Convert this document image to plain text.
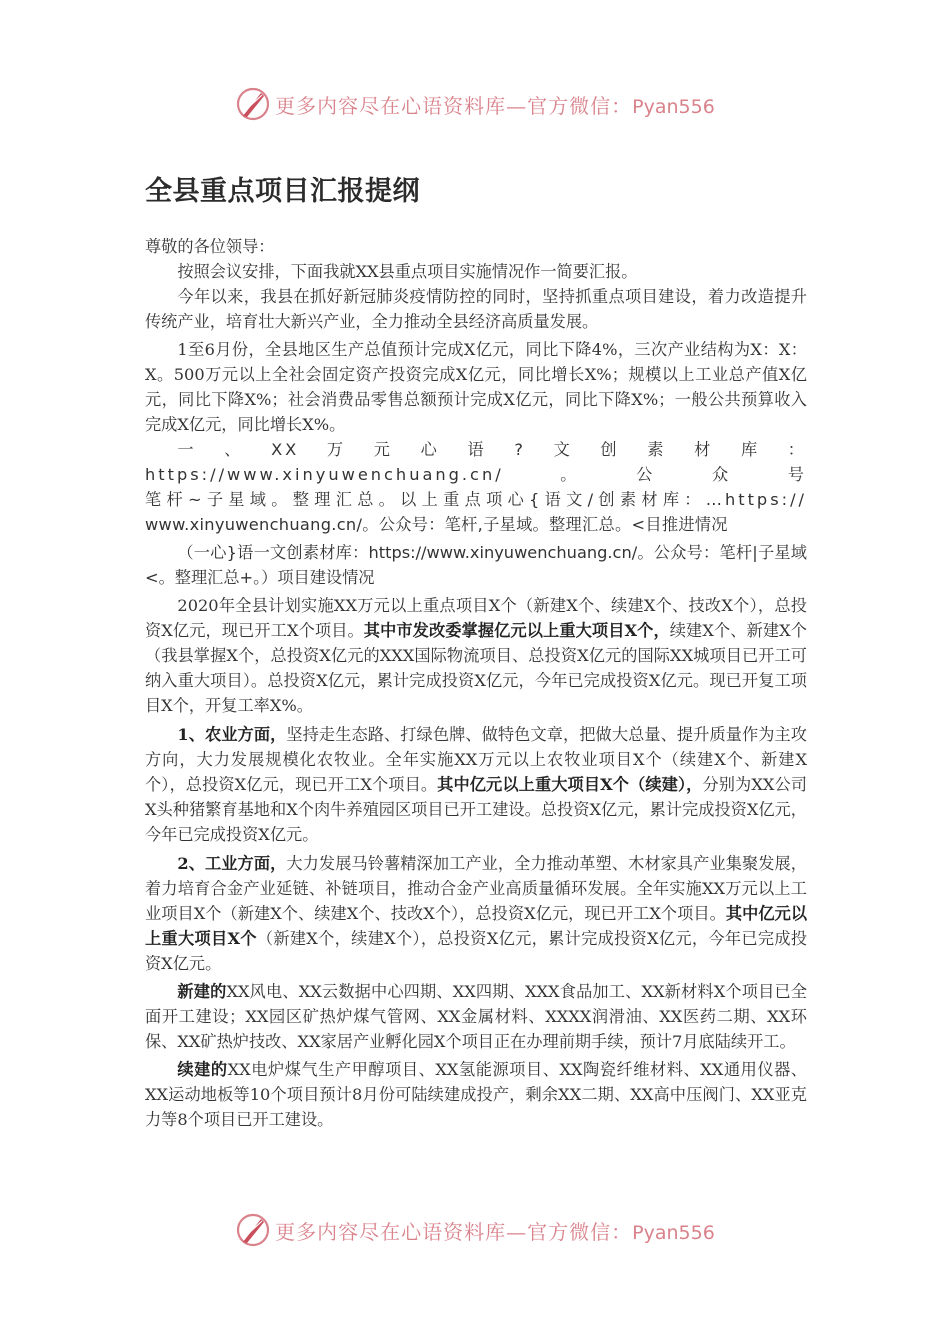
更多内容尽在心语资料库—官方微信：Pyan556
全县重点项目汇报提纲

尊敬的各位领导：

按照会议安排，下面我就XX县重点项目实施情况作一简要汇报。

今年以来，我县在抓好新冠肺炎疫情防控的同时，坚持抓重点项目建设，着力改造提升传统产业，培育壮大新兴产业，全力推动全县经济高质量发展。

1至6月份，全县地区生产总值预计完成X亿元，同比下降4%，三次产业结构为X：X：X。500万元以上全社会固定资产投资完成X亿元，同比增长X%；规模以上工业总产值X亿元，同比下降X%；社会消费品零售总额预计完成X亿元，同比下降X%；一般公共预算收入完成X亿元，同比增长X%。

一、XX万元心语?文创素材库：https://www.xinyuwenchuang.cn/。公众号

笔杆~子星域。整理汇总。以上重点项心{语文/创素材库：…https://

www.xinyuwenchuang.cn/。公众号：笔杆,子星域。整理汇总。<目推进情况

（一心}语一文创素材库：https://www.xinyuwenchuang.cn/。公众号：笔杆|子星域<。整理汇总+。）项目建设情况

2020年全县计划实施XX万元以上重点项目X个（新建X个、续建X个、技改X个），总投资X亿元，现已开工X个项目。其中市发改委掌握亿元以上重大项目X个，续建X个、新建X个（我县掌握X个，总投资X亿元的XXX国际物流项目、总投资X亿元的国际XX城项目已开工可纳入重大项目）。总投资X亿元，累计完成投资X亿元，今年已完成投资X亿元。现已开复工项目X个，开复工率X%。

1、农业方面，坚持走生态路、打绿色牌、做特色文章，把做大总量、提升质量作为主攻方向，大力发展规模化农牧业。全年实施XX万元以上农牧业项目X个（续建X个、新建X个），总投资X亿元，现已开工X个项目。其中亿元以上重大项目X个（续建），分别为XX公司X头种猪繁育基地和X个肉牛养殖园区项目已开工建设。总投资X亿元，累计完成投资X亿元，今年已完成投资X亿元。

2、工业方面，大力发展马铃薯精深加工产业，全力推动革塑、木材家具产业集聚发展，着力培育合金产业延链、补链项目，推动合金产业高质量循环发展。全年实施XX万元以上工业项目X个（新建X个、续建X个、技改X个），总投资X亿元，现已开工X个项目。其中亿元以上重大项目X个（新建X个，续建X个），总投资X亿元，累计完成投资X亿元，今年已完成投资X亿元。

新建的XX风电、XX云数据中心四期、XX四期、XXX食品加工、XX新材料X个项目已全面开工建设；XX园区矿热炉煤气管网、XX金属材料、XXXX润滑油、XX医药二期、XX环保、XX矿热炉技改、XX家居产业孵化园X个项目正在办理前期手续，预计7月底陆续开工。

续建的XX电炉煤气生产甲醇项目、XX氢能源项目、XX陶瓷纤维材料、XX通用仪器、XX运动地板等10个项目预计8月份可陆续建成投产，剩余XX二期、XX高中压阀门、XX亚克力等8个项目已开工建设。

更多内容尽在心语资料库—官方微信：Pyan556
